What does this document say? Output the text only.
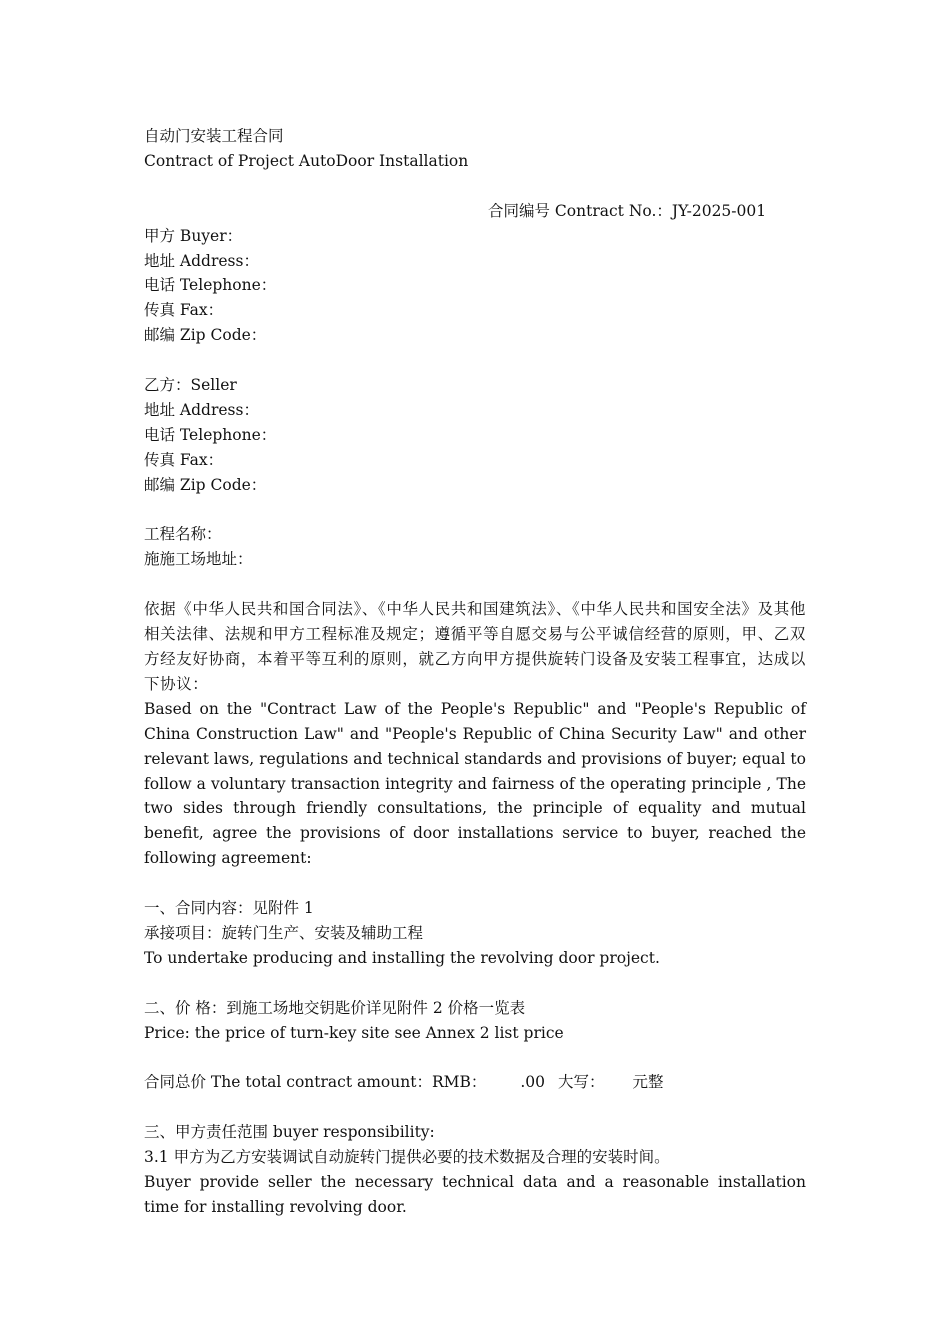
自动门安装工程合同
Contract of Project AutoDoor Installation
合同编号 Contract No.：JY-2025-001
甲方 Buyer：
地址 Address：
电话 Telephone：
传真 Fax：
邮编 Zip Code：
乙方：Seller
地址 Address：
电话 Telephone：
传真 Fax：
邮编 Zip Code：
工程名称：
施施工场地址：
依据《中华人民共和国合同法》、《中华人民共和国建筑法》、《中华人民共和国安全法》及其他相关法律、法规和甲方工程标准及规定；遵循平等自愿交易与公平诚信经营的原则，甲、乙双方经友好协商，本着平等互利的原则，就乙方向甲方提供旋转门设备及安装工程事宜，达成以下协议：
Based on the "Contract Law of the People's Republic" and "People's Republic of China Construction Law" and "People's Republic of China Security Law" and other relevant laws, regulations and technical standards and provisions of buyer; equal to follow a voluntary transaction integrity and fairness of the operating principle , The two sides through friendly consultations, the principle of equality and mutual benefit, agree the provisions of door installations service to buyer, reached the following agreement:
一、合同内容：见附件 1
承接项目：旋转门生产、安装及辅助工程
To undertake producing and installing the revolving door project.
二、价 格：到施工场地交钥匙价详见附件 2 价格一览表
Price: the price of turn-key site see Annex 2 list price
合同总价 The total contract amount：RMB： .00 大写： 元整
三、甲方责任范围 buyer responsibility:
3.1 甲方为乙方安装调试自动旋转门提供必要的技术数据及合理的安装时间。
Buyer provide seller the necessary technical data and a reasonable installation time for installing revolving door.
